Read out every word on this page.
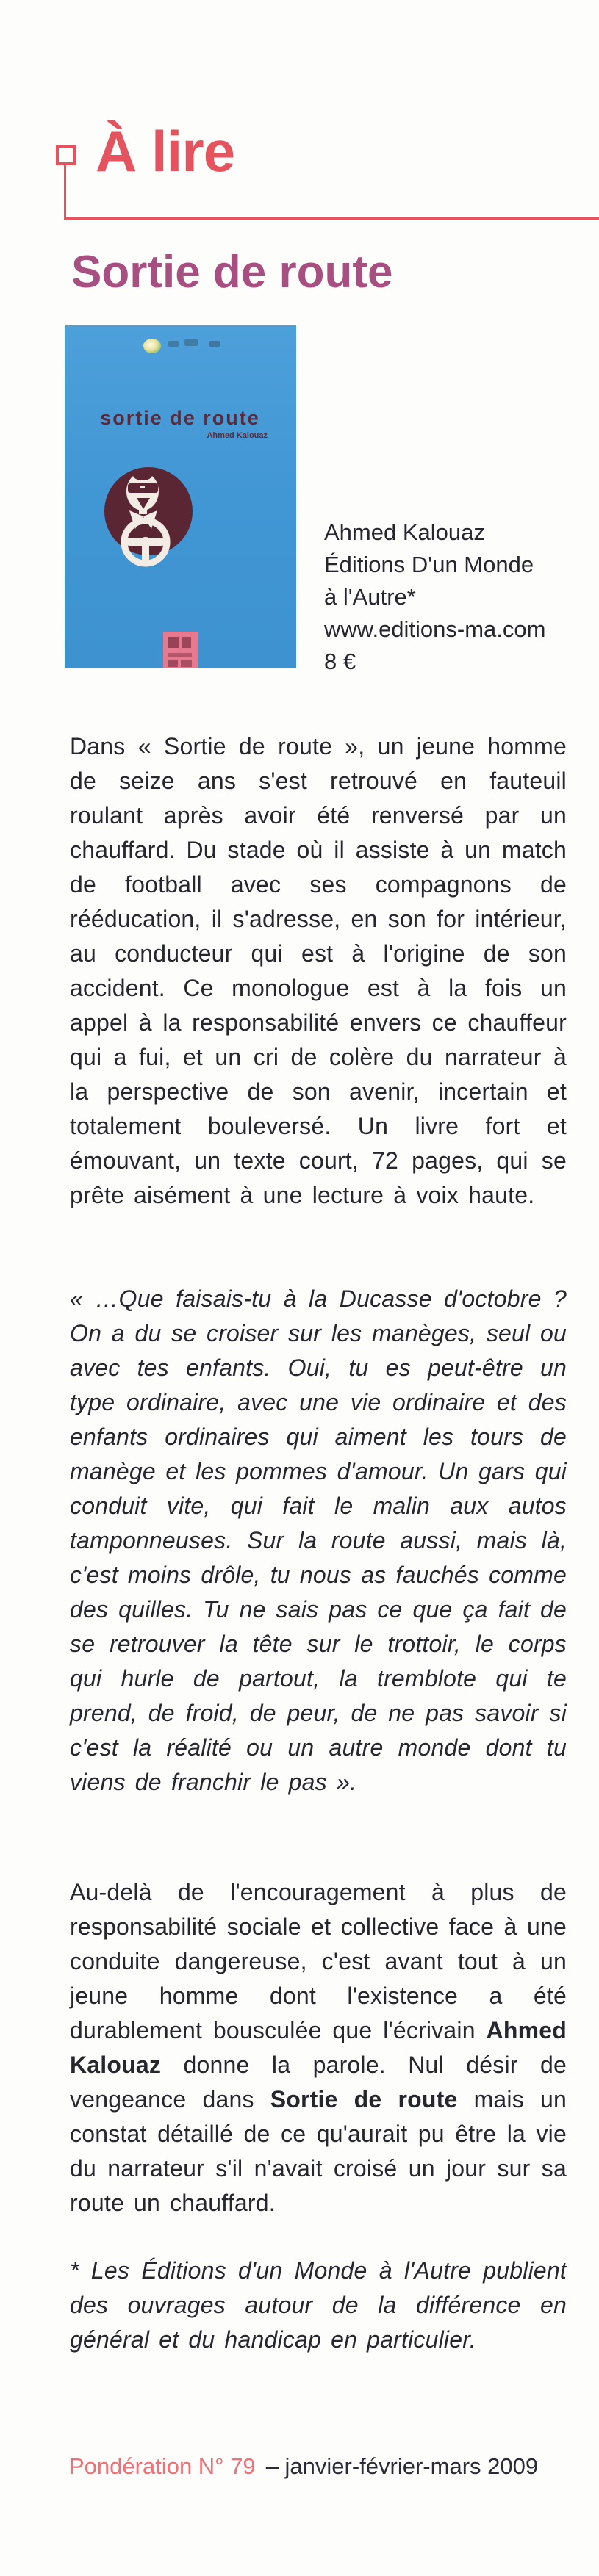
À lire
Sortie de route
sortie de route
Ahmed Kalouaz
Ahmed Kalouaz
Éditions D'un Monde
à l'Autre*
www.editions-ma.com
8 €

Dans « Sortie de route », un jeune homme de seize ans s'est retrouvé en fauteuil roulant après avoir été renversé par un chauffard. Du stade où il assiste à un match de football avec ses compagnons de rééducation, il s'adresse, en son for intérieur, au conducteur qui est à l'origine de son accident. Ce monologue est à la fois un appel à la responsabilité envers ce chauffeur qui a fui, et un cri de colère du narrateur à la perspective de son avenir, incertain et totalement bouleversé. Un livre fort et émouvant, un texte court, 72 pages, qui se prête aisément à une lecture à voix haute.

« …Que faisais-tu à la Ducasse d'octobre ? On a du se croiser sur les manèges, seul ou avec tes enfants. Oui, tu es peut-être un type ordinaire, avec une vie ordinaire et des enfants ordinaires qui aiment les tours de manège et les pommes d'amour. Un gars qui conduit vite, qui fait le malin aux autos tamponneuses. Sur la route aussi, mais là, c'est moins drôle, tu nous as fauchés comme des quilles. Tu ne sais pas ce que ça fait de se retrouver la tête sur le trottoir, le corps qui hurle de partout, la tremblote qui te prend, de froid, de peur, de ne pas savoir si c'est la réalité ou un autre monde dont tu viens de franchir le pas ».

Au-delà de l'encouragement à plus de responsabilité sociale et collective face à une conduite dangereuse, c'est avant tout à un jeune homme dont l'existence a été durablement bousculée que l'écrivain Ahmed Kalouaz donne la parole. Nul désir de vengeance dans Sortie de route mais un constat détaillé de ce qu'aurait pu être la vie du narrateur s'il n'avait croisé un jour sur sa route un chauffard.

* Les Éditions d'un Monde à l'Autre publient des ouvrages autour de la différence en général et du handicap en particulier.

Pondération N° 79 – janvier-février-mars 2009
